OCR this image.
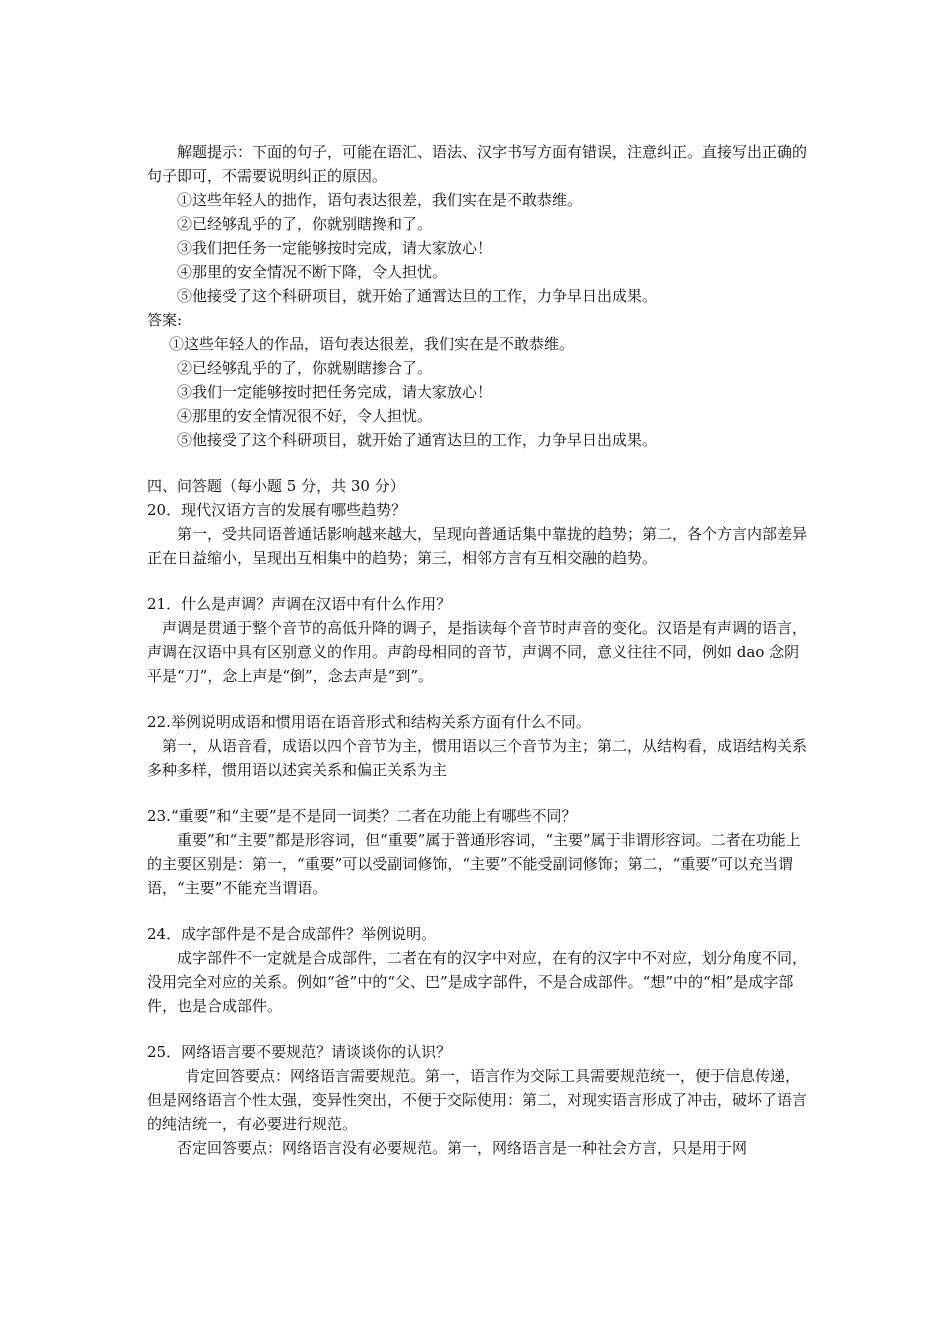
解题提示：下面的句子，可能在语汇、语法、汉字书写方面有错误，注意纠正。直接写出正确的句子即可，不需要说明纠正的原因。

①这些年轻人的拙作，语句表达很差，我们实在是不敢恭维。

②已经够乱乎的了，你就别瞎搀和了。

③我们把任务一定能够按时完成，请大家放心！

④那里的安全情况不断下降，令人担忧。

⑤他接受了这个科研项目，就开始了通霄达旦的工作，力争早日出成果。

答案:

①这些年轻人的作品，语句表达很差，我们实在是不敢恭维。

②已经够乱乎的了，你就剔瞎掺合了。

③我们一定能够按时把任务完成，请大家放心！

④那里的安全情况很不好，令人担忧。

⑤他接受了这个科研项目，就开始了通宵达旦的工作，力争早日出成果。

四、问答题（每小题 5 分，共 30 分）

20．现代汉语方言的发展有哪些趋势？

第一，受共同语普通话影响越来越大，呈现向普通话集中靠拢的趋势；第二，各个方言内部差异正在日益缩小，呈现出互相集中的趋势；第三，相邻方言有互相交融的趋势。

21．什么是声调？声调在汉语中有什么作用？

声调是贯通于整个音节的高低升降的调子，是指读每个音节时声音的变化。汉语是有声调的语言，声调在汉语中具有区别意义的作用。声韵母相同的音节，声调不同，意义往往不同，例如 dao 念阴平是“刀”，念上声是“倒”，念去声是“到”。

22.举例说明成语和惯用语在语音形式和结构关系方面有什么不同。

第一，从语音看，成语以四个音节为主，惯用语以三个音节为主；第二，从结构看，成语结构关系多种多样，惯用语以述宾关系和偏正关系为主

23.“重要”和“主要”是不是同一词类？二者在功能上有哪些不同？

重要”和“主要”都是形容词，但“重要”属于普通形容词，“主要”属于非谓形容词。二者在功能上的主要区别是：第一，“重要”可以受副词修饰，“主要”不能受副词修饰；第二，“重要”可以充当谓语，“主要”不能充当谓语。

24．成字部件是不是合成部件？举例说明。

成字部件不一定就是合成部件，二者在有的汉字中对应，在有的汉字中不对应，划分角度不同，没用完全对应的关系。例如“爸”中的“父、巴”是成字部件，不是合成部件。“想”中的“相”是成字部件，也是合成部件。

25．网络语言要不要规范？请谈谈你的认识？

肯定回答要点：网络语言需要规范。第一，语言作为交际工具需要规范统一，便于信息传递，但是网络语言个性太强，变异性突出，不便于交际使用：第二，对现实语言形成了冲击，破坏了语言的纯洁统一，有必要进行规范。

否定回答要点：网络语言没有必要规范。第一，网络语言是一种社会方言，只是用于网
